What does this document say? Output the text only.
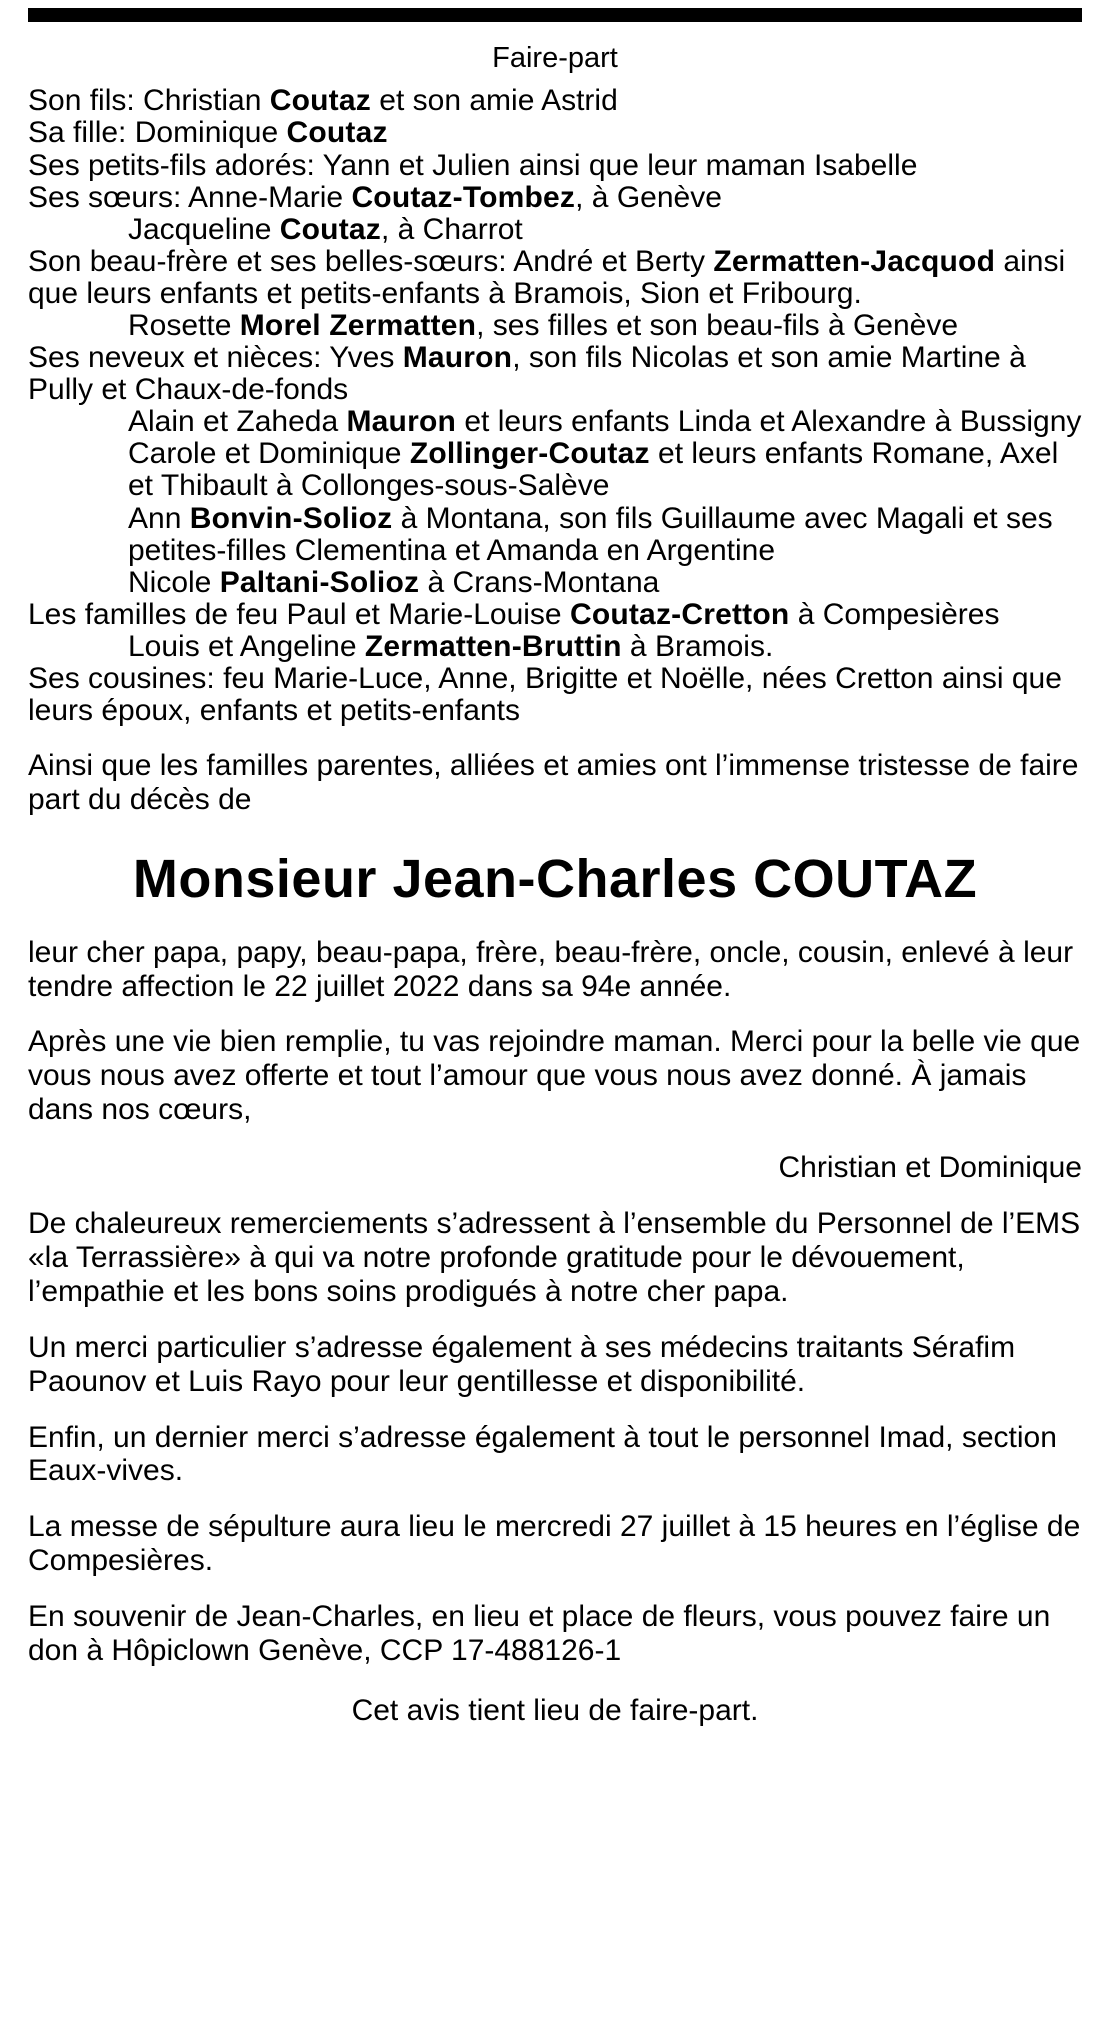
Faire-part
Son fils: Christian Coutaz et son amie Astrid
Sa fille: Dominique Coutaz
Ses petits-fils adorés: Yann et Julien ainsi que leur maman Isabelle
Ses sœurs: Anne-Marie Coutaz-Tombez, à Genève
Jacqueline Coutaz, à Charrot
Son beau-frère et ses belles-sœurs: André et Berty Zermatten-Jacquod ainsi que leurs enfants et petits-enfants à Bramois, Sion et Fribourg.
Rosette Morel Zermatten, ses filles et son beau-fils à Genève
Ses neveux et nièces: Yves Mauron, son fils Nicolas et son amie Martine à Pully et Chaux-de-fonds
Alain et Zaheda Mauron et leurs enfants Linda et Alexandre à Bussigny
Carole et Dominique Zollinger-Coutaz et leurs enfants Romane, Axel et Thibault à Collonges-sous-Salève
Ann Bonvin-Solioz à Montana, son fils Guillaume avec Magali et ses petites-filles Clementina et Amanda en Argentine
Nicole Paltani-Solioz à Crans-Montana
Les familles de feu Paul et Marie-Louise Coutaz-Cretton à Compesières
Louis et Angeline Zermatten-Bruttin à Bramois.
Ses cousines: feu Marie-Luce, Anne, Brigitte et Noëlle, nées Cretton ainsi que leurs époux, enfants et petits-enfants
Ainsi que les familles parentes, alliées et amies ont l’immense tristesse de faire part du décès de
Monsieur Jean-Charles COUTAZ
leur cher papa, papy, beau-papa, frère, beau-frère, oncle, cousin, enlevé à leur tendre affection le 22 juillet 2022 dans sa 94e année.
Après une vie bien remplie, tu vas rejoindre maman. Merci pour la belle vie que vous nous avez offerte et tout l’amour que vous nous avez donné. À jamais dans nos cœurs,
Christian et Dominique
De chaleureux remerciements s’adressent à l’ensemble du Personnel de l’EMS «la Terrassière» à qui va notre profonde gratitude pour le dévouement, l’empathie et les bons soins prodigués à notre cher papa.
Un merci particulier s’adresse également à ses médecins traitants Sérafim Paounov et Luis Rayo pour leur gentillesse et disponibilité.
Enfin, un dernier merci s’adresse également à tout le personnel Imad, section Eaux-vives.
La messe de sépulture aura lieu le mercredi 27 juillet à 15 heures en l’église de Compesières.
En souvenir de Jean-Charles, en lieu et place de fleurs, vous pouvez faire un don à Hôpiclown Genève, CCP 17-488126-1
Cet avis tient lieu de faire-part.
